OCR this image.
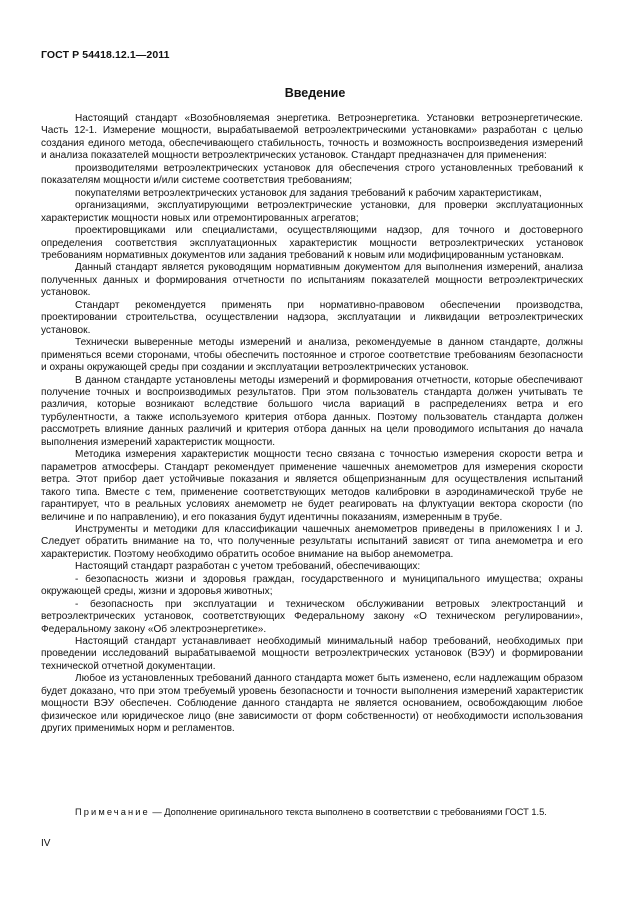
ГОСТ Р 54418.12.1—2011
Введение

Настоящий стандарт «Возобновляемая энергетика. Ветроэнергетика. Установки ветроэнергетические. Часть 12-1. Измерение мощности, вырабатываемой ветроэлектрическими установками» разработан с целью создания единого метода, обеспечивающего стабильность, точность и возможность воспроизведения измерений и анализа показателей мощности ветроэлектрических установок. Стандарт предназначен для применения:

производителями ветроэлектрических установок для обеспечения строго установленных требований к показателям мощности и/или системе соответствия требованиям;

покупателями ветроэлектрических установок для задания требований к рабочим характеристикам,

организациями, эксплуатирующими ветроэлектрические установки, для проверки эксплуатационных характеристик мощности новых или отремонтированных агрегатов;

проектировщиками или специалистами, осуществляющими надзор, для точного и достоверного определения соответствия эксплуатационных характеристик мощности ветроэлектрических установок требованиям нормативных документов или задания требований к новым или модифицированным установкам.

Данный стандарт является руководящим нормативным документом для выполнения измерений, анализа полученных данных и формирования отчетности по испытаниям показателей мощности ветроэлектрических установок.

Стандарт рекомендуется применять при нормативно-правовом обеспечении производства, проектировании строительства, осуществлении надзора, эксплуатации и ликвидации ветроэлектрических установок.

Технически выверенные методы измерений и анализа, рекомендуемые в данном стандарте, должны применяться всеми сторонами, чтобы обеспечить постоянное и строгое соответствие требованиям безопасности и охраны окружающей среды при создании и эксплуатации ветроэлектрических установок.

В данном стандарте установлены методы измерений и формирования отчетности, которые обеспечивают получение точных и воспроизводимых результатов. При этом пользователь стандарта должен учитывать те различия, которые возникают вследствие большого числа вариаций в распределениях ветра и его турбулентности, а также используемого критерия отбора данных. Поэтому пользователь стандарта должен рассмотреть влияние данных различий и критерия отбора данных на цели проводимого испытания до начала выполнения измерений характеристик мощности.

Методика измерения характеристик мощности тесно связана с точностью измерения скорости ветра и параметров атмосферы. Стандарт рекомендует применение чашечных анемометров для измерения скорости ветра. Этот прибор дает устойчивые показания и является общепризнанным для осуществления испытаний такого типа. Вместе с тем, применение соответствующих методов калибровки в аэродинамической трубе не гарантирует, что в реальных условиях анемометр не будет реагировать на флуктуации вектора скорости (по величине и по направлению), и его показания будут идентичны показаниям, измеренным в трубе.

Инструменты и методики для классификации чашечных анемометров приведены в приложениях I и J. Следует обратить внимание на то, что полученные результаты испытаний зависят от типа анемометра и его характеристик. Поэтому необходимо обратить особое внимание на выбор анемометра.

Настоящий стандарт разработан с учетом требований, обеспечивающих:

- безопасность жизни и здоровья граждан, государственного и муниципального имущества; охраны окружающей среды, жизни и здоровья животных;

- безопасность при эксплуатации и техническом обслуживании ветровых электростанций и ветроэлектрических установок, соответствующих Федеральному закону «О техническом регулировании», Федеральному закону «Об электроэнергетике».

Настоящий стандарт устанавливает необходимый минимальный набор требований, необходимых при проведении исследований вырабатываемой мощности ветроэлектрических установок (ВЭУ) и формировании технической отчетной документации.

Любое из установленных требований данного стандарта может быть изменено, если надлежащим образом будет доказано, что при этом требуемый уровень безопасности и точности выполнения измерений характеристик мощности ВЭУ обеспечен. Соблюдение данного стандарта не является основанием, освобождающим любое физическое или юридическое лицо (вне зависимости от форм собственности) от необходимости использования других применимых норм и регламентов.

Примечание — Дополнение оригинального текста выполнено в соответствии с требованиями ГОСТ 1.5.
IV
